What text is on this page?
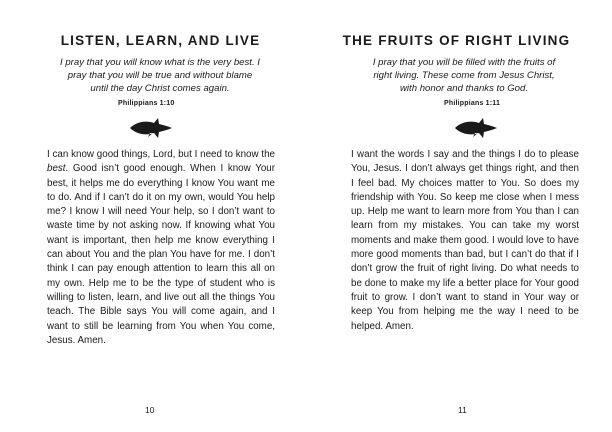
LISTEN, LEARN, AND LIVE
I pray that you will know what is the very best. I pray that you will be true and without blame until the day Christ comes again.
Philippians 1:10
I can know good things, Lord, but I need to know the best. Good isn’t good enough. When I know Your best, it helps me do everything I know You want me to do. And if I can’t do it on my own, would You help me? I know I will need Your help, so I don’t want to waste time by not asking now. If knowing what You want is important, then help me know everything I can about You and the plan You have for me. I don’t think I can pay enough attention to learn this all on my own. Help me to be the type of student who is willing to listen, learn, and live out all the things You teach. The Bible says You will come again, and I want to still be learning from You when You come, Jesus. Amen.
10
THE FRUITS OF RIGHT LIVING
I pray that you will be filled with the fruits of right living. These come from Jesus Christ, with honor and thanks to God.
Philippians 1:11
I want the words I say and the things I do to please You, Jesus. I don’t always get things right, and then I feel bad. My choices matter to You. So does my friendship with You. So keep me close when I mess up. Help me want to learn more from You than I can learn from my mistakes. You can take my worst moments and make them good. I would love to have more good moments than bad, but I can’t do that if I don’t grow the fruit of right living. Do what needs to be done to make my life a better place for Your good fruit to grow. I don’t want to stand in Your way or keep You from helping me the way I need to be helped. Amen.
11
